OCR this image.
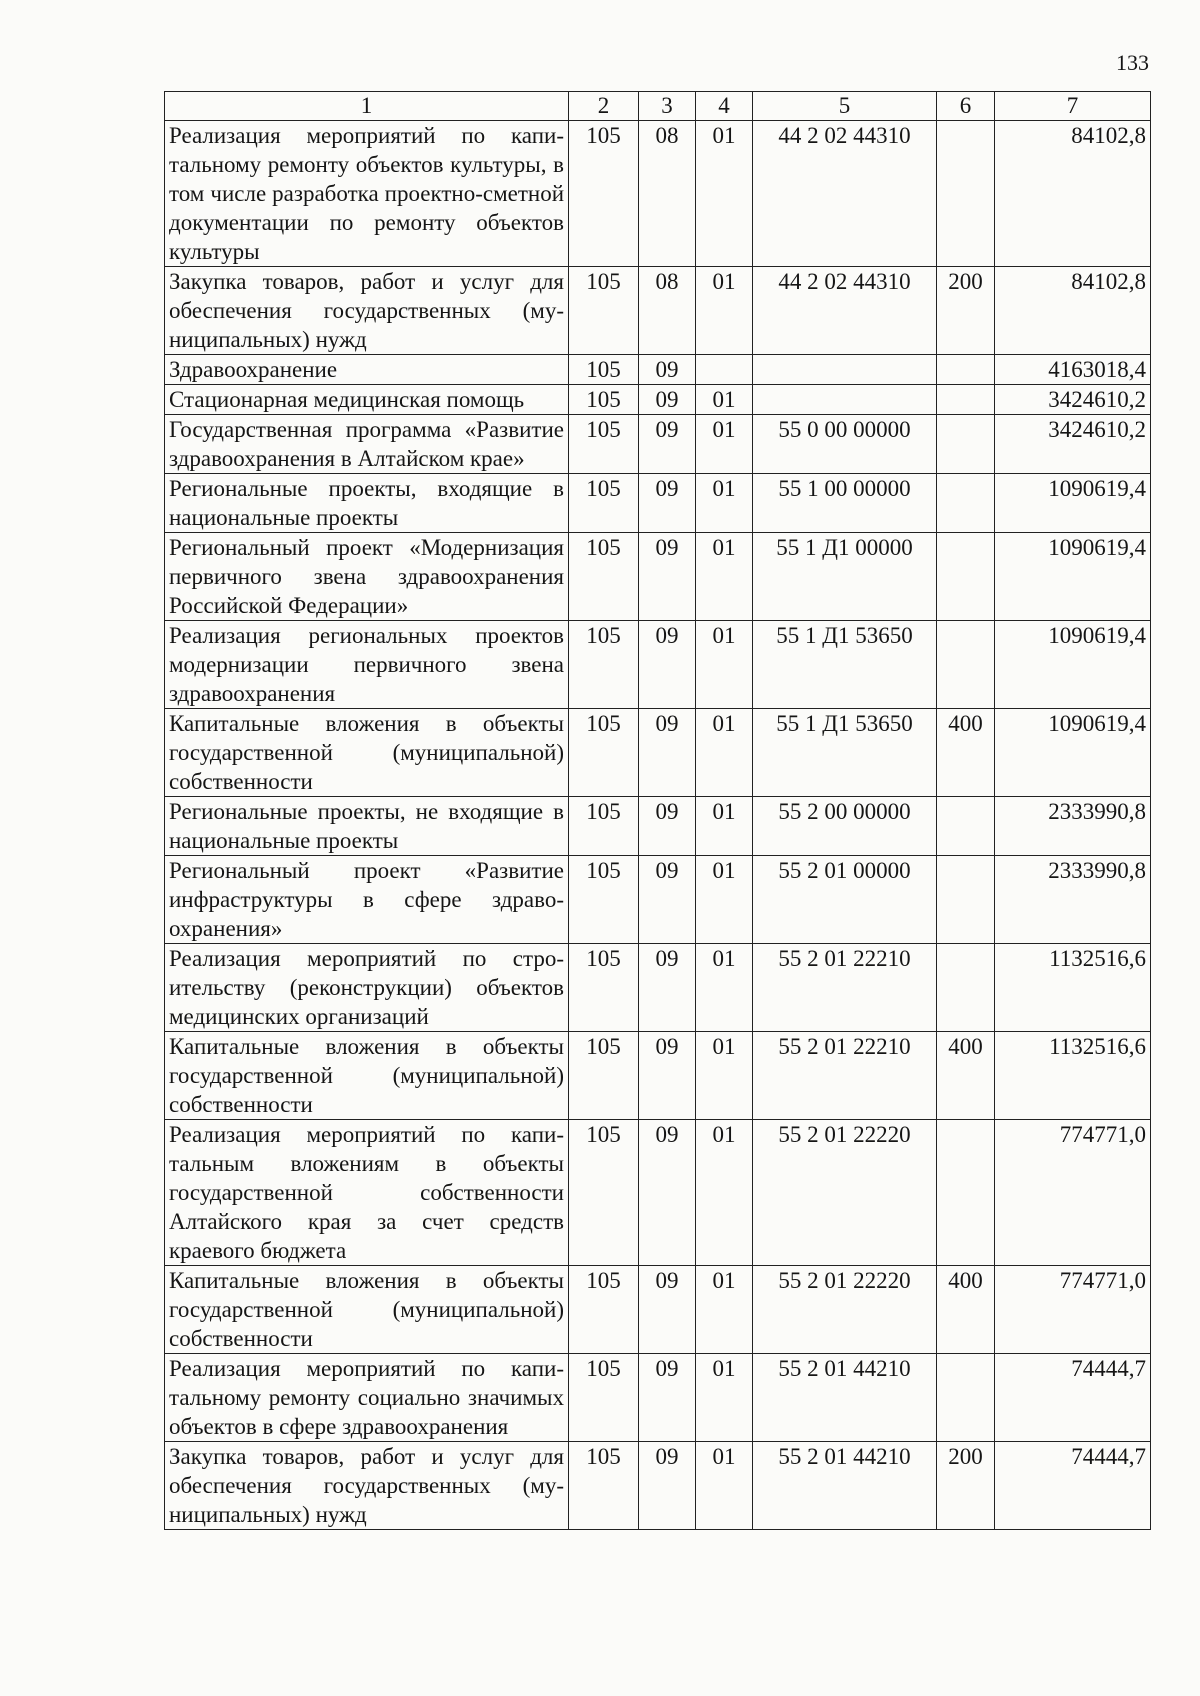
133
1	2	3	4	5	6	7
Реализация мероприятий по капитальному ремонту объектов культуры, в том числе разработка проектно-сметной документации по ремонту объектов культуры	105	08	01	44 2 02 44310		84102,8
Закупка товаров, работ и услуг для обеспечения государственных (муниципальных) нужд	105	08	01	44 2 02 44310	200	84102,8
Здравоохранение	105	09				4163018,4
Стационарная медицинская помощь	105	09	01			3424610,2
Государственная программа «Развитие здравоохранения в Алтайском крае»	105	09	01	55 0 00 00000		3424610,2
Региональные проекты, входящие в национальные проекты	105	09	01	55 1 00 00000		1090619,4
Региональный проект «Модернизация первичного звена здравоохранения Российской Федерации»	105	09	01	55 1 Д1 00000		1090619,4
Реализация региональных проектов модернизации первичного звена здравоохранения	105	09	01	55 1 Д1 53650		1090619,4
Капитальные вложения в объекты государственной (муниципальной) собственности	105	09	01	55 1 Д1 53650	400	1090619,4
Региональные проекты, не входящие в национальные проекты	105	09	01	55 2 00 00000		2333990,8
Региональный проект «Развитие инфраструктуры в сфере здравоохранения»	105	09	01	55 2 01 00000		2333990,8
Реализация мероприятий по строительству (реконструкции) объектов медицинских организаций	105	09	01	55 2 01 22210		1132516,6
Капитальные вложения в объекты государственной (муниципальной) собственности	105	09	01	55 2 01 22210	400	1132516,6
Реализация мероприятий по капитальным вложениям в объекты государственной собственности Алтайского края за счет средств краевого бюджета	105	09	01	55 2 01 22220		774771,0
Капитальные вложения в объекты государственной (муниципальной) собственности	105	09	01	55 2 01 22220	400	774771,0
Реализация мероприятий по капитальному ремонту социально значимых объектов в сфере здравоохранения	105	09	01	55 2 01 44210		74444,7
Закупка товаров, работ и услуг для обеспечения государственных (муниципальных) нужд	105	09	01	55 2 01 44210	200	74444,7
